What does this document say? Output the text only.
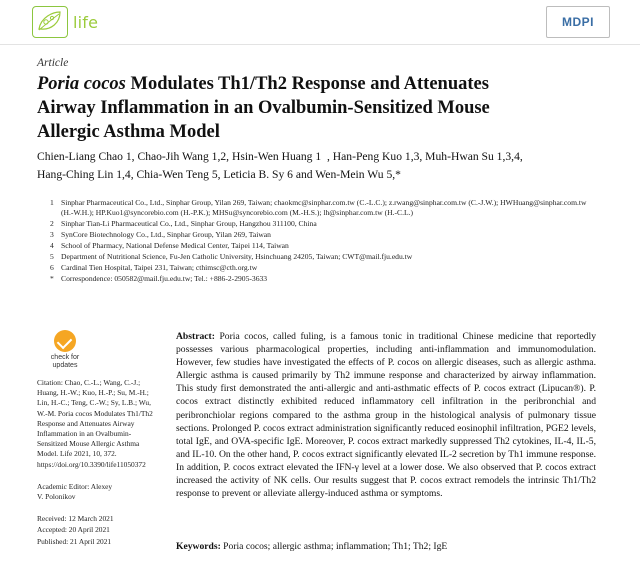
life	MDPI
Article
Poria cocos Modulates Th1/Th2 Response and Attenuates
Airway Inflammation in an Ovalbumin-Sensitized Mouse
Allergic Asthma Model
Chien-Liang Chao 1, Chao-Jih Wang 1,2, Hsin-Wen Huang 1  , Han-Peng Kuo 1,3, Muh-Hwan Su 1,3,4,
Hang-Ching Lin 1,4, Chia-Wen Teng 5, Leticia B. Sy 6 and Wen-Mein Wu 5,*
1 Sinphar Pharmaceutical Co., Ltd., Sinphar Group, Yilan 269, Taiwan; chaokmc@sinphar.com.tw (C.-L.C.); z.rwang@sinphar.com.tw (C.-J.W.); HWHuang@sinphar.com.tw (H.-W.H.); HP.Kuo1@syncorebio.com (H.-P.K.); MHSu@syncorebio.com (M.-H.S.); lh@sinphar.com.tw (H.-C.L.)
2 Sinphar Tian-Li Pharmaceutical Co., Ltd., Sinphar Group, Hangzhou 311100, China
3 SynCore Biotechnology Co., Ltd., Sinphar Group, Yilan 269, Taiwan
4 School of Pharmacy, National Defense Medical Center, Taipei 114, Taiwan
5 Department of Nutritional Science, Fu-Jen Catholic University, Hsinchuang 24205, Taiwan; CWT@mail.fju.edu.tw
6 Cardinal Tien Hospital, Taipei 231, Taiwan; cthimsc@cth.org.tw
* Correspondence: 050582@mail.fju.edu.tw; Tel.: +886-2-2905-3633
check for
updates
Citation: Chao, C.-L.; Wang, C.-J.; Huang, H.-W.; Kuo, H.-P.; Su, M.-H.; Lin, H.-C.; Teng, C.-W.; Sy, L.B.; Wu, W.-M. Poria cocos Modulates Th1/Th2 Response and Attenuates Airway Inflammation in an Ovalbumin-Sensitized Mouse Allergic Asthma Model. Life 2021, 10, 372. https://doi.org/10.3390/life11050372
Academic Editor: Alexey
V. Polonikov
Received: 12 March 2021
Accepted: 20 April 2021
Published: 21 April 2021
Abstract: Poria cocos, called fuling, is a famous tonic in traditional Chinese medicine that reportedly possesses various pharmacological properties, including anti-inflammation and immunomodulation. However, few studies have investigated the effects of P. cocos on allergic diseases, such as allergic asthma. Allergic asthma is caused primarily by Th2 immune response and characterized by airway inflammation. This study first demonstrated the anti-allergic and anti-asthmatic effects of P. cocos extract (Lipucan®). P. cocos extract distinctly exhibited reduced inflammatory cell infiltration in the peribronchial and peribronchiolar regions compared to the asthma group in the histological analysis of pulmonary tissue sections. Prolonged P. cocos extract administration significantly reduced eosinophil infiltration, PGE2 levels, total IgE, and OVA-specific IgE. Moreover, P. cocos extract markedly suppressed Th2 cytokines, IL-4, IL-5, and IL-10. On the other hand, P. cocos extract significantly elevated IL-2 secretion by Th1 immune response. In addition, P. cocos extract elevated the IFN-γ level at a lower dose. We also observed that P. cocos extract increased the activity of NK cells. Our results suggest that P. cocos extract remodels the intrinsic Th1/Th2 response to prevent or alleviate allergy-induced asthma or symptoms.
Keywords: Poria cocos; allergic asthma; inflammation; Th1; Th2; IgE
